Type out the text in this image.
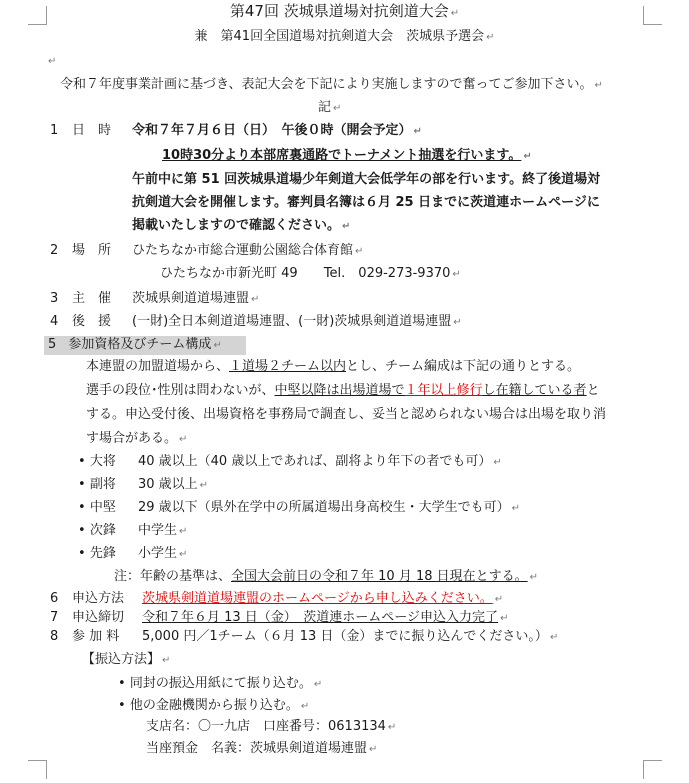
第47回 茨城県道場対抗剣道大会 ↵
兼　第41回全国道場対抗剣道大会　茨城県予選会 ↵
↵
令和７年度事業計画に基づき、表記大会を下記により実施しますので奮ってご参加下さい。 ↵
記 ↵
1 日　時 令和７年７月６日（日）　午後０時（開会予定） ↵
10時30分より本部席裏通路でトーナメント抽選を行います。 ↵
午前中に第 51 回茨城県道場少年剣道大会低学年の部を行います。終了後道場対
抗剣道大会を開催します。審判員名簿は６月 25 日までに茨道連ホームページに
掲載いたしますので確認ください。 ↵
2 場　所 ひたちなか市総合運動公園総合体育館 ↵
ひたちなか市新光町 49 Tel.　029-273-9370 ↵
3 主　催 茨城県剣道道場連盟 ↵
4 後　援 (一財)全日本剣道道場連盟、(一財)茨城県剣道道場連盟 ↵
5 参加資格及びチーム構成 ↵
本連盟の加盟道場から、１道場２チーム以内とし、チーム編成は下記の通りとする。
選手の段位･性別は問わないが、中堅以降は出場道場で１年以上修行し在籍している者と
する。申込受付後、出場資格を事務局で調査し、妥当と認められない場合は出場を取り消
す場合がある。 ↵
• 大将 40 歳以上（40 歳以上であれば、副将より年下の者でも可） ↵
• 副将 30 歳以上 ↵
• 中堅 29 歳以下（県外在学中の所属道場出身高校生・大学生でも可） ↵
• 次鋒 中学生 ↵
• 先鋒 小学生 ↵
注：年齢の基準は、全国大会前日の令和７年 10 月 18 日現在とする。 ↵
6 申込方法 茨城県剣道道場連盟のホームページから申し込みください。 ↵
7 申込締切 令和７年６月 13 日（金）　茨道連ホームページ申込入力完了 ↵
8 参 加 料 5,000 円／1チーム（６月 13 日（金）までに振り込んでください。） ↵
【振込方法】 ↵
• 同封の振込用紙にて振り込む。 ↵
• 他の金融機関から振り込む。 ↵
支店名：〇一九店　口座番号：0613134 ↵
当座預金　名義：茨城県剣道道場連盟 ↵
